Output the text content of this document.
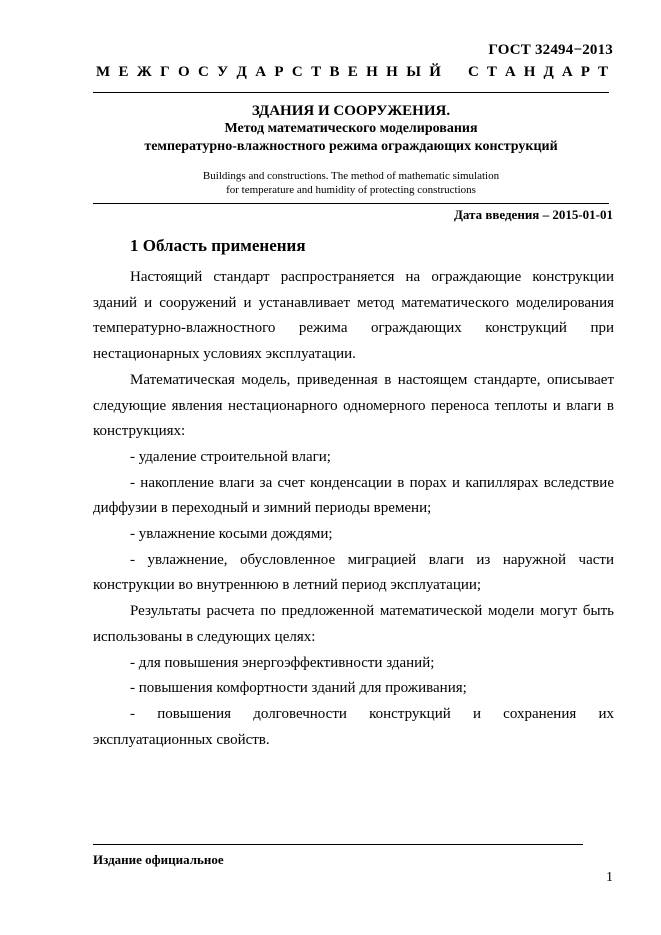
ГОСТ 32494−2013
М Е Ж Г О С У Д А Р С Т В Е Н Н Ы Й С Т А Н Д А Р Т
ЗДАНИЯ И СООРУЖЕНИЯ.
Метод математического моделирования
температурно-влажностного режима ограждающих конструкций
Buildings and constructions. The method of mathematic simulation
for temperature and humidity of protecting constructions
Дата введения – 2015-01-01
1 Область применения

Настоящий стандарт распространяется на ограждающие конструкции зданий и сооружений и устанавливает метод математического моделирования температурно-влажностного режима ограждающих конструкций при нестационарных условиях эксплуатации.

Математическая модель, приведенная в настоящем стандарте, описывает следующие явления нестационарного одномерного переноса теплоты и влаги в конструкциях:

- удаление строительной влаги;

- накопление влаги за счет конденсации в порах и капиллярах вследствие диффузии в переходный и зимний периоды времени;

- увлажнение косыми дождями;

- увлажнение, обусловленное миграцией влаги из наружной части конструкции во внутреннюю в летний период эксплуатации;

Результаты расчета по предложенной математической модели могут быть использованы в следующих целях:

- для повышения энергоэффективности зданий;

- повышения комфортности зданий для проживания;

- повышения долговечности конструкций и сохранения их эксплуатационных свойств.

Издание официальное
1
